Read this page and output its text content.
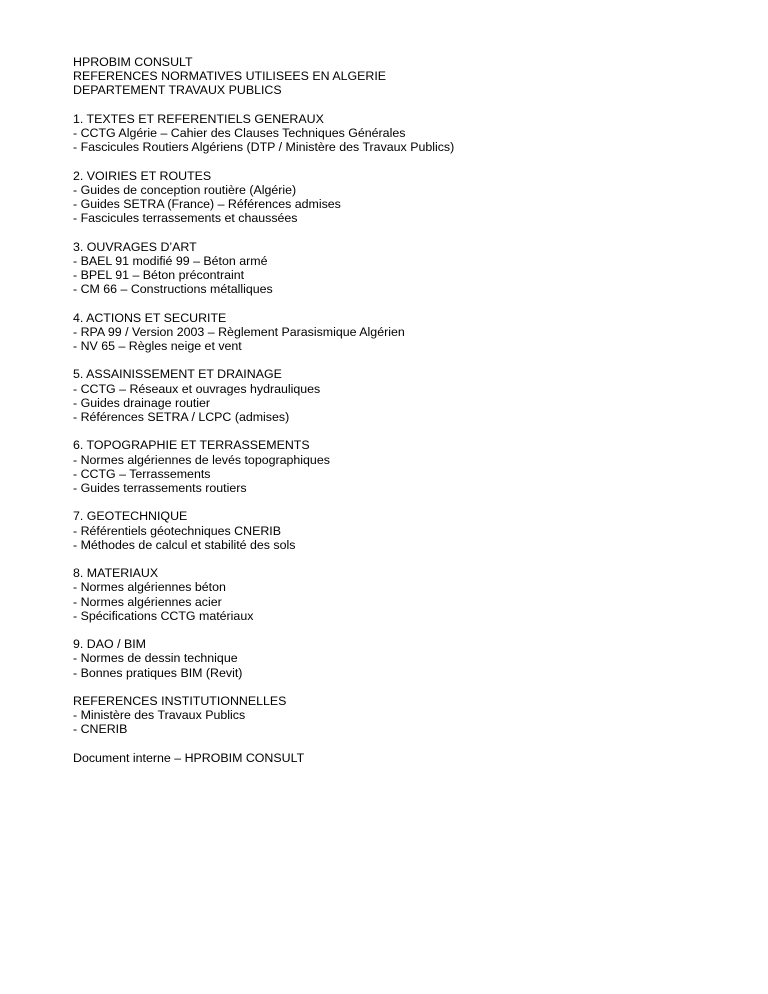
HPROBIM CONSULT
REFERENCES NORMATIVES UTILISEES EN ALGERIE
DEPARTEMENT TRAVAUX PUBLICS
1. TEXTES ET REFERENTIELS GENERAUX
- CCTG Algérie – Cahier des Clauses Techniques Générales
- Fascicules Routiers Algériens (DTP / Ministère des Travaux Publics)
2. VOIRIES ET ROUTES
- Guides de conception routière (Algérie)
- Guides SETRA (France) – Références admises
- Fascicules terrassements et chaussées
3. OUVRAGES D’ART
- BAEL 91 modifié 99 – Béton armé
- BPEL 91 – Béton précontraint
- CM 66 – Constructions métalliques
4. ACTIONS ET SECURITE
- RPA 99 / Version 2003 – Règlement Parasismique Algérien
- NV 65 – Règles neige et vent
5. ASSAINISSEMENT ET DRAINAGE
- CCTG – Réseaux et ouvrages hydrauliques
- Guides drainage routier
- Références SETRA / LCPC (admises)
6. TOPOGRAPHIE ET TERRASSEMENTS
- Normes algériennes de levés topographiques
- CCTG – Terrassements
- Guides terrassements routiers
7. GEOTECHNIQUE
- Référentiels géotechniques CNERIB
- Méthodes de calcul et stabilité des sols
8. MATERIAUX
- Normes algériennes béton
- Normes algériennes acier
- Spécifications CCTG matériaux
9. DAO / BIM
- Normes de dessin technique
- Bonnes pratiques BIM (Revit)
REFERENCES INSTITUTIONNELLES
- Ministère des Travaux Publics
- CNERIB
Document interne – HPROBIM CONSULT
